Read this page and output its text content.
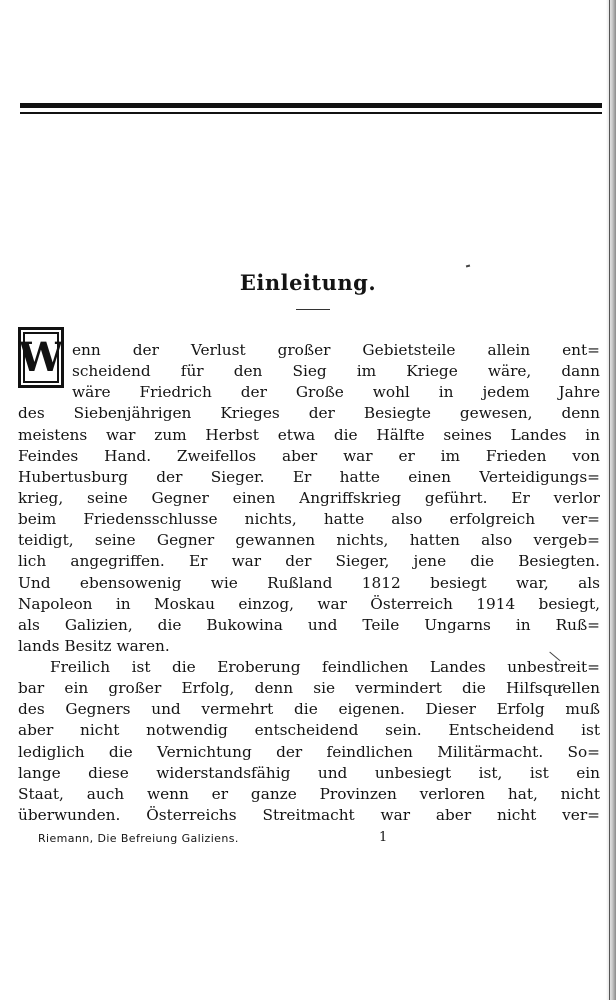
Einleitung.
W enn der Verlust großer Gebietsteile allein ent=
scheidend für den Sieg im Kriege wäre, dann
wäre Friedrich der Große wohl in jedem Jahre
des Siebenjährigen Krieges der Besiegte gewesen, denn
meistens war zum Herbst etwa die Hälfte seines Landes in
Feindes Hand. Zweifellos aber war er im Frieden von
Hubertusburg der Sieger. Er hatte einen Verteidigungs=
krieg, seine Gegner einen Angriffskrieg geführt. Er verlor
beim Friedensschlusse nichts, hatte also erfolgreich ver=
teidigt, seine Gegner gewannen nichts, hatten also vergeb=
lich angegriffen. Er war der Sieger, jene die Besiegten.
Und ebensowenig wie Rußland 1812 besiegt war, als
Napoleon in Moskau einzog, war Österreich 1914 besiegt,
als Galizien, die Bukowina und Teile Ungarns in Ruß=
lands Besitz waren.
Freilich ist die Eroberung feindlichen Landes unbestreit=
bar ein großer Erfolg, denn sie vermindert die Hilfsquellen
des Gegners und vermehrt die eigenen. Dieser Erfolg muß
aber nicht notwendig entscheidend sein. Entscheidend ist
lediglich die Vernichtung der feindlichen Militärmacht. So=
lange diese widerstandsfähig und unbesiegt ist, ist ein
Staat, auch wenn er ganze Provinzen verloren hat, nicht
überwunden. Österreichs Streitmacht war aber nicht ver=
Riemann, Die Befreiung Galiziens.	1
